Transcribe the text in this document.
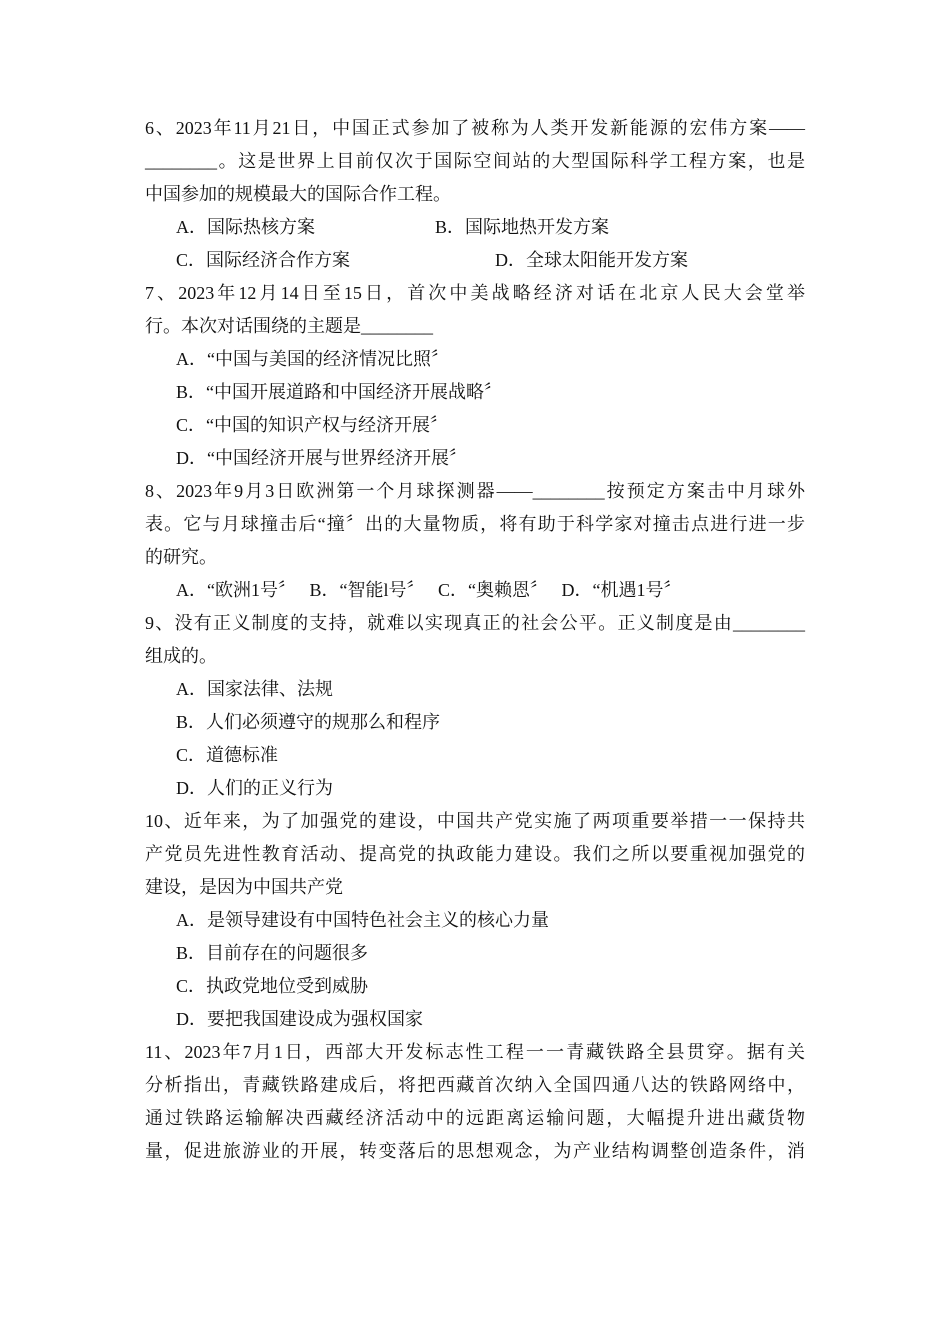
6、2023年11月21日，中国正式参加了被称为人类开发新能源的宏伟方案——
________。这是世界上目前仅次于国际空间站的大型国际科学工程方案，也是
中国参加的规模最大的国际合作工程。
A．国际热核方案	B．国际地热开发方案
C．国际经济合作方案	D．全球太阳能开发方案
7、2023年12月14日至15日，首次中美战略经济对话在北京人民大会堂举
行。本次对话围绕的主题是________
A．“中国与美国的经济情况比照〞
B．“中国开展道路和中国经济开展战略〞
C．“中国的知识产权与经济开展〞
D．“中国经济开展与世界经济开展〞
8、2023年9月3日欧洲第一个月球探测器——________按预定方案击中月球外
表。它与月球撞击后“撞〞出的大量物质，将有助于科学家对撞击点进行进一步
的研究。
A．“欧洲1号〞　 B．“智能l号〞　 C．“奥赖恩〞　 D．“机遇1号〞
9、没有正义制度的支持，就难以实现真正的社会公平。正义制度是由________
组成的。
A．国家法律、法规
B．人们必须遵守的规那么和程序
C．道德标准
D．人们的正义行为
10、近年来，为了加强党的建设，中国共产党实施了两项重要举措一一保持共
产党员先进性教育活动、提高党的执政能力建设。我们之所以要重视加强党的
建设，是因为中国共产党
A．是领导建设有中国特色社会主义的核心力量
B．目前存在的问题很多
C．执政党地位受到威胁
D．要把我国建设成为强权国家
11、2023年7月1日，西部大开发标志性工程一一青藏铁路全县贯穿。据有关
分析指出，青藏铁路建成后，将把西藏首次纳入全国四通八达的铁路网络中，
通过铁路运输解决西藏经济活动中的远距离运输问题，大幅提升进出藏货物
量，促进旅游业的开展，转变落后的思想观念，为产业结构调整创造条件，消
